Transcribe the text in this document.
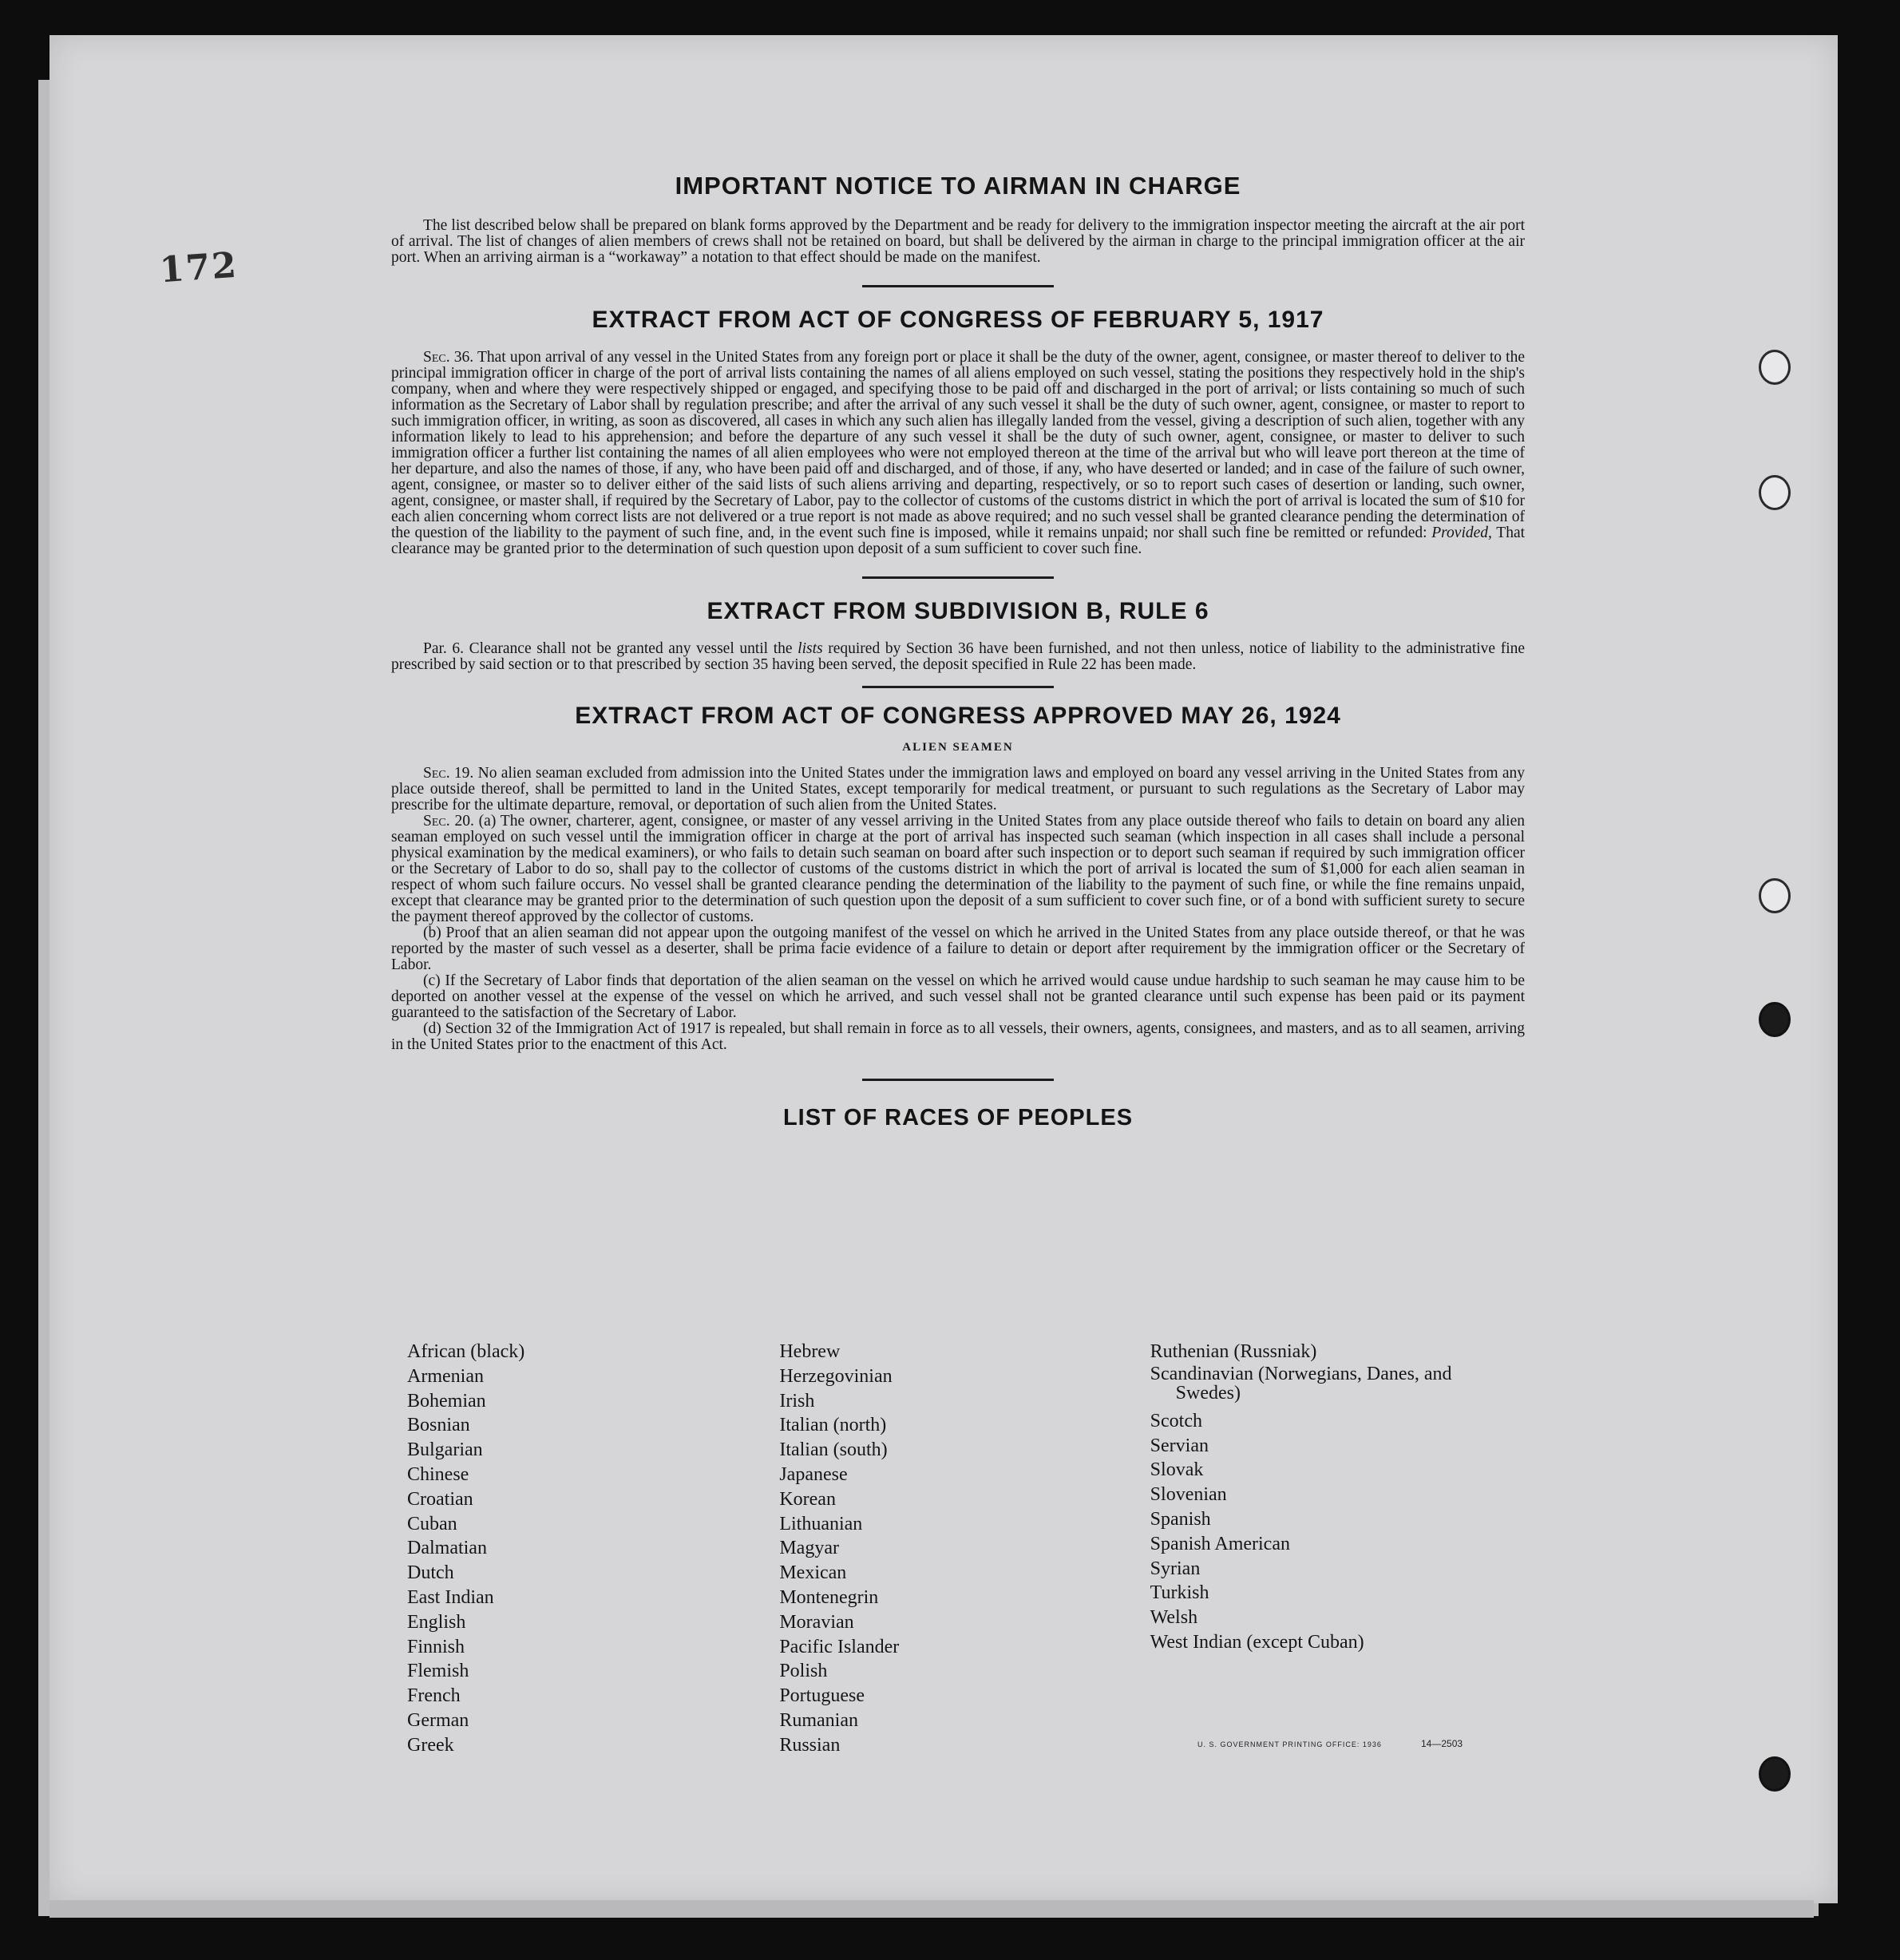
172
IMPORTANT NOTICE TO AIRMAN IN CHARGE

The list described below shall be prepared on blank forms approved by the Department and be ready for delivery to the immigration inspector meeting the aircraft at the air port of arrival. The list of changes of alien members of crews shall not be retained on board, but shall be delivered by the airman in charge to the principal immigration officer at the air port. When an arriving airman is a “workaway” a notation to that effect should be made on the manifest.

EXTRACT FROM ACT OF CONGRESS OF FEBRUARY 5, 1917

Sec. 36. That upon arrival of any vessel in the United States from any foreign port or place it shall be the duty of the owner, agent, consignee, or master thereof to deliver to the principal immigration officer in charge of the port of arrival lists containing the names of all aliens employed on such vessel, stating the positions they respectively hold in the ship's company, when and where they were respectively shipped or engaged, and specifying those to be paid off and discharged in the port of arrival; or lists containing so much of such information as the Secretary of Labor shall by regulation prescribe; and after the arrival of any such vessel it shall be the duty of such owner, agent, consignee, or master to report to such immigration officer, in writing, as soon as discovered, all cases in which any such alien has illegally landed from the vessel, giving a description of such alien, together with any information likely to lead to his apprehension; and before the departure of any such vessel it shall be the duty of such owner, agent, consignee, or master to deliver to such immigration officer a further list containing the names of all alien employees who were not employed thereon at the time of the arrival but who will leave port thereon at the time of her departure, and also the names of those, if any, who have been paid off and discharged, and of those, if any, who have deserted or landed; and in case of the failure of such owner, agent, consignee, or master so to deliver either of the said lists of such aliens arriving and departing, respectively, or so to report such cases of desertion or landing, such owner, agent, consignee, or master shall, if required by the Secretary of Labor, pay to the collector of customs of the customs district in which the port of arrival is located the sum of $10 for each alien concerning whom correct lists are not delivered or a true report is not made as above required; and no such vessel shall be granted clearance pending the determination of the question of the liability to the payment of such fine, and, in the event such fine is imposed, while it remains unpaid; nor shall such fine be remitted or refunded: Provided, That clearance may be granted prior to the determination of such question upon deposit of a sum sufficient to cover such fine.

EXTRACT FROM SUBDIVISION B, RULE 6

Par. 6. Clearance shall not be granted any vessel until the lists required by Section 36 have been furnished, and not then unless, notice of liability to the administrative fine prescribed by said section or to that prescribed by section 35 having been served, the deposit specified in Rule 22 has been made.

EXTRACT FROM ACT OF CONGRESS APPROVED MAY 26, 1924
ALIEN SEAMEN

Sec. 19. No alien seaman excluded from admission into the United States under the immigration laws and employed on board any vessel arriving in the United States from any place outside thereof, shall be permitted to land in the United States, except temporarily for medical treatment, or pursuant to such regulations as the Secretary of Labor may prescribe for the ultimate departure, removal, or deportation of such alien from the United States.

Sec. 20. (a) The owner, charterer, agent, consignee, or master of any vessel arriving in the United States from any place outside thereof who fails to detain on board any alien seaman employed on such vessel until the immigration officer in charge at the port of arrival has inspected such seaman (which inspection in all cases shall include a personal physical examination by the medical examiners), or who fails to detain such seaman on board after such inspection or to deport such seaman if required by such immigration officer or the Secretary of Labor to do so, shall pay to the collector of customs of the customs district in which the port of arrival is located the sum of $1,000 for each alien seaman in respect of whom such failure occurs. No vessel shall be granted clearance pending the determination of the liability to the payment of such fine, or while the fine remains unpaid, except that clearance may be granted prior to the determination of such question upon the deposit of a sum sufficient to cover such fine, or of a bond with sufficient surety to secure the payment thereof approved by the collector of customs.

(b) Proof that an alien seaman did not appear upon the outgoing manifest of the vessel on which he arrived in the United States from any place outside thereof, or that he was reported by the master of such vessel as a deserter, shall be prima facie evidence of a failure to detain or deport after requirement by the immigration officer or the Secretary of Labor.

(c) If the Secretary of Labor finds that deportation of the alien seaman on the vessel on which he arrived would cause undue hardship to such seaman he may cause him to be deported on another vessel at the expense of the vessel on which he arrived, and such vessel shall not be granted clearance until such expense has been paid or its payment guaranteed to the satisfaction of the Secretary of Labor.

(d) Section 32 of the Immigration Act of 1917 is repealed, but shall remain in force as to all vessels, their owners, agents, consignees, and masters, and as to all seamen, arriving in the United States prior to the enactment of this Act.

LIST OF RACES OF PEOPLES
African (black)
Armenian
Bohemian
Bosnian
Bulgarian
Chinese
Croatian
Cuban
Dalmatian
Dutch
East Indian
English
Finnish
Flemish
French
German
Greek
Hebrew
Herzegovinian
Irish
Italian (north)
Italian (south)
Japanese
Korean
Lithuanian
Magyar
Mexican
Montenegrin
Moravian
Pacific Islander
Polish
Portuguese
Rumanian
Russian
Ruthenian (Russniak)
Scandinavian (Norwegians, Danes, and Swedes)
Scotch
Servian
Slovak
Slovenian
Spanish
Spanish American
Syrian
Turkish
Welsh
West Indian (except Cuban)
U. S. GOVERNMENT PRINTING OFFICE: 1936	14—2503
